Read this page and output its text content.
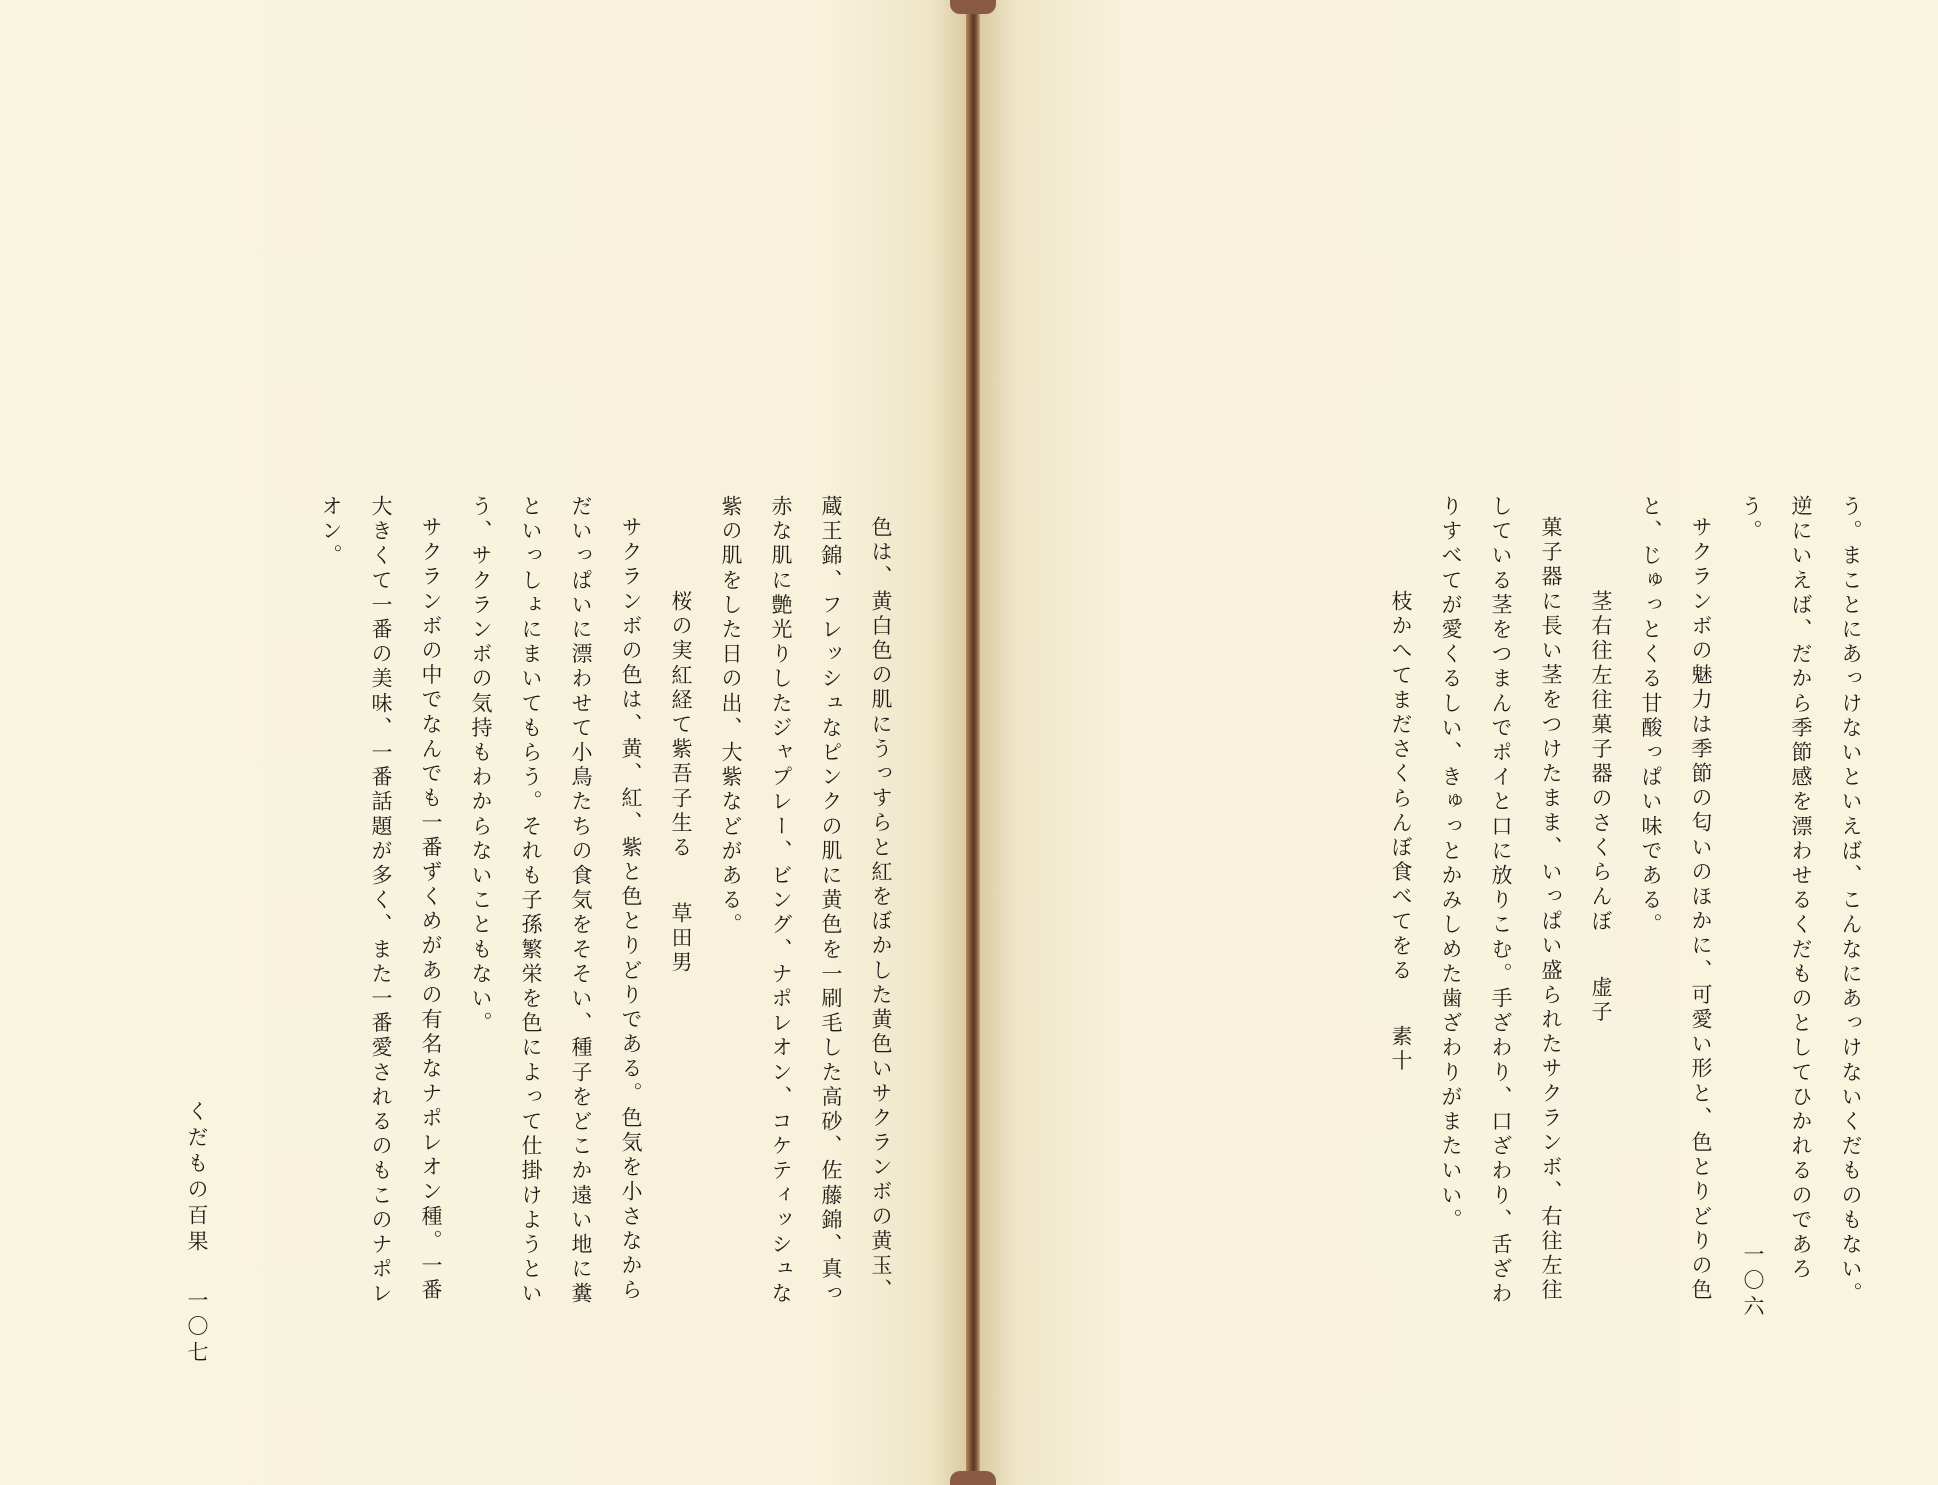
色は、黄白色の肌にうっすらと紅をぼかした黄色いサクランボの黄玉、蔵王錦、フレッシュなピンクの肌に黄色を一刷毛した高砂、佐藤錦、真っ赤な肌に艶光りしたジャプレー、ビング、ナポレオン、コケティッシュな紫の肌をした日の出、大紫などがある。

桜の実紅経て紫吾子生る草田男

サクランボの色は、黄、紅、紫と色とりどりである。色気を小さなからだいっぱいに漂わせて小鳥たちの食気をそそい、種子をどこか遠い地に糞といっしょにまいてもらう。それも子孫繁栄を色によって仕掛けようという、サクランボの気持もわからないこともない。

サクランボの中でなんでも一番ずくめがあの有名なナポレオン種。一番大きくて一番の美味、一番話題が多く、また一番愛されるのもこのナポレオン。

くだもの百果 一〇七

う。まことにあっけないといえば、こんなにあっけないくだものもない。逆にいえば、だから季節感を漂わせるくだものとしてひかれるのであろう。

サクランボの魅力は季節の匂いのほかに、可愛い形と、色とりどりの色と、じゅっとくる甘酸っぱい味である。

茎右往左往菓子器のさくらんぼ虚子

菓子器に長い茎をつけたまま、いっぱい盛られたサクランボ、右往左往している茎をつまんでポイと口に放りこむ。手ざわり、口ざわり、舌ざわりすべてが愛くるしい、きゅっとかみしめた歯ざわりがまたいい。

枝かへてまださくらんぼ食べてをる素十

一〇六
